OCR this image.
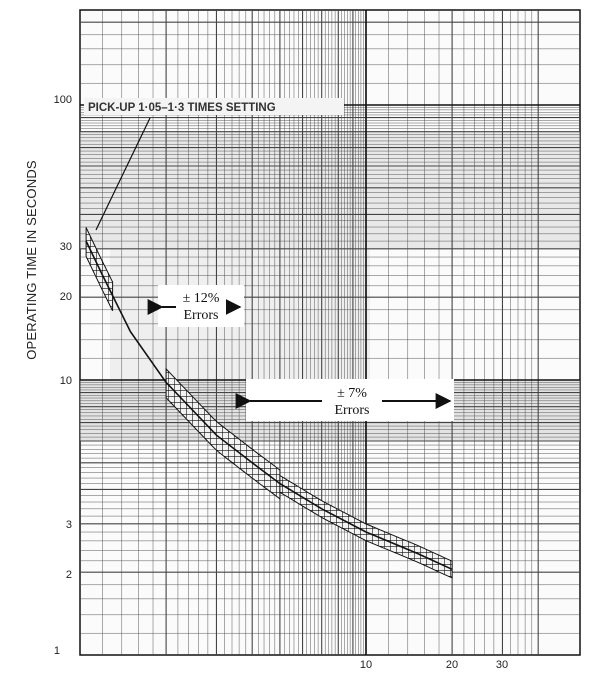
1
2
3
10
20
30
100
10	20	30
OPERATING TIME IN SECONDS
PICK-UP 1·05–1·3 TIMES SETTING
± 12%
Errors
± 7%
Errors
